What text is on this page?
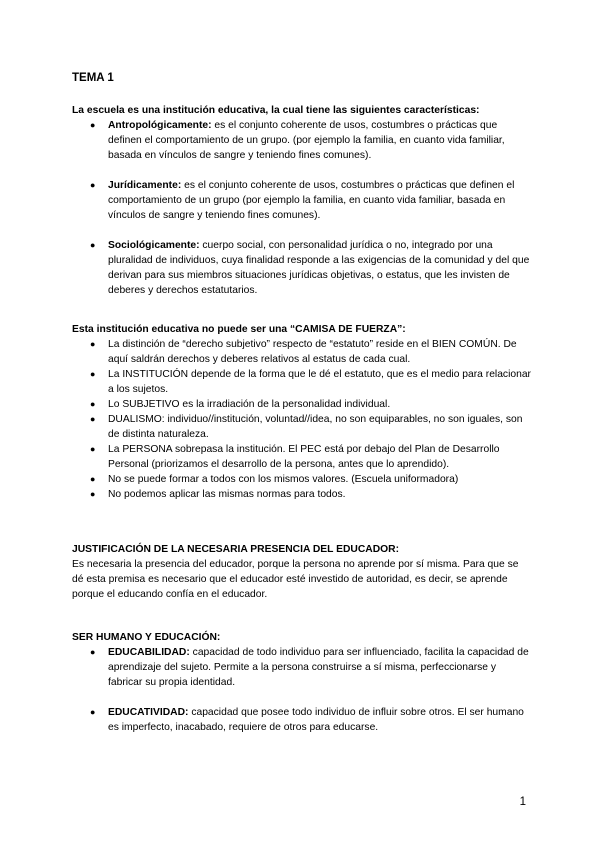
TEMA 1

La escuela es una institución educativa, la cual tiene las siguientes características:

●	Antropológicamente: es el conjunto coherente de usos, costumbres o prácticas que definen el comportamiento de un grupo. (por ejemplo la familia, en cuanto vida familiar, basada en vínculos de sangre y teniendo fines comunes).
●	Jurídicamente: es el conjunto coherente de usos, costumbres o prácticas que definen el comportamiento de un grupo (por ejemplo la familia, en cuanto vida familiar, basada en vínculos de sangre y teniendo fines comunes).
●	Sociológicamente: cuerpo social, con personalidad jurídica o no, integrado por una pluralidad de individuos, cuya finalidad responde a las exigencias de la comunidad y del que derivan para sus miembros situaciones jurídicas objetivas, o estatus, que les invisten de deberes y derechos estatutarios.

Esta institución educativa no puede ser una “CAMISA DE FUERZA”:

●	La distinción de “derecho subjetivo” respecto de “estatuto” reside en el BIEN COMÚN. De aquí saldrán derechos y deberes relativos al estatus de cada cual.
●	La INSTITUCIÓN depende de la forma que le dé el estatuto, que es el medio para relacionar a los sujetos.
●	Lo SUBJETIVO es la irradiación de la personalidad individual.
●	DUALISMO: individuo//institución, voluntad//idea, no son equiparables, no son iguales, son de distinta naturaleza.
●	La PERSONA sobrepasa la institución. El PEC está por debajo del Plan de Desarrollo Personal (priorizamos el desarrollo de la persona, antes que lo aprendido).
●	No se puede formar a todos con los mismos valores. (Escuela uniformadora)
●	No podemos aplicar las mismas normas para todos.

JUSTIFICACIÓN DE LA NECESARIA PRESENCIA DEL EDUCADOR:

Es necesaria la presencia del educador, porque la persona no aprende por sí misma. Para que se dé esta premisa es necesario que el educador esté investido de autoridad, es decir, se aprende porque el educando confía en el educador.

SER HUMANO Y EDUCACIÓN:

●	EDUCABILIDAD: capacidad de todo individuo para ser influenciado, facilita la capacidad de aprendizaje del sujeto. Permite a la persona construirse a sí misma, perfeccionarse y fabricar su propia identidad.
●	EDUCATIVIDAD: capacidad que posee todo individuo de influir sobre otros. El ser humano es imperfecto, inacabado, requiere de otros para educarse.
1
